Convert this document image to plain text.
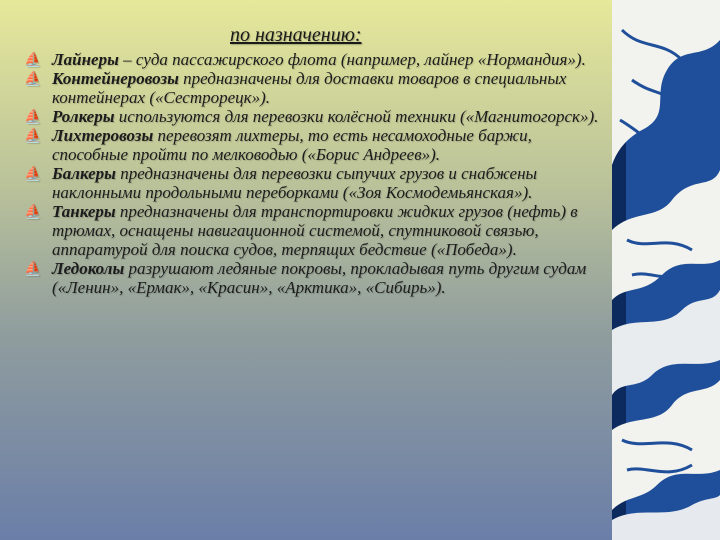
по назначению:
⛵ Лайнеры – суда пассажирского флота (например, лайнер «Нормандия»).
⛵ Контейнеровозы предназначены для доставки товаров в специальных контейнерах («Сестрорецк»).
⛵ Ролкеры используются для перевозки колёсной техники («Магнитогорск»).
⛵ Лихтеровозы перевозят лихтеры, то есть несамоходные баржи, способные пройти по мелководью («Борис Андреев»).
⛵ Балкеры предназначены для перевозки сыпучих грузов и снабжены наклонными продольными переборками («Зоя Космодемьянская»).
⛵ Танкеры предназначены для транспортировки жидких грузов (нефть) в трюмах, оснащены навигационной системой, спутниковой связью, аппаратурой для поиска судов, терпящих бедствие («Победа»).
⛵ Ледоколы разрушают ледяные покровы, прокладывая путь другим судам («Ленин», «Ермак», «Красин», «Арктика», «Сибирь»).
